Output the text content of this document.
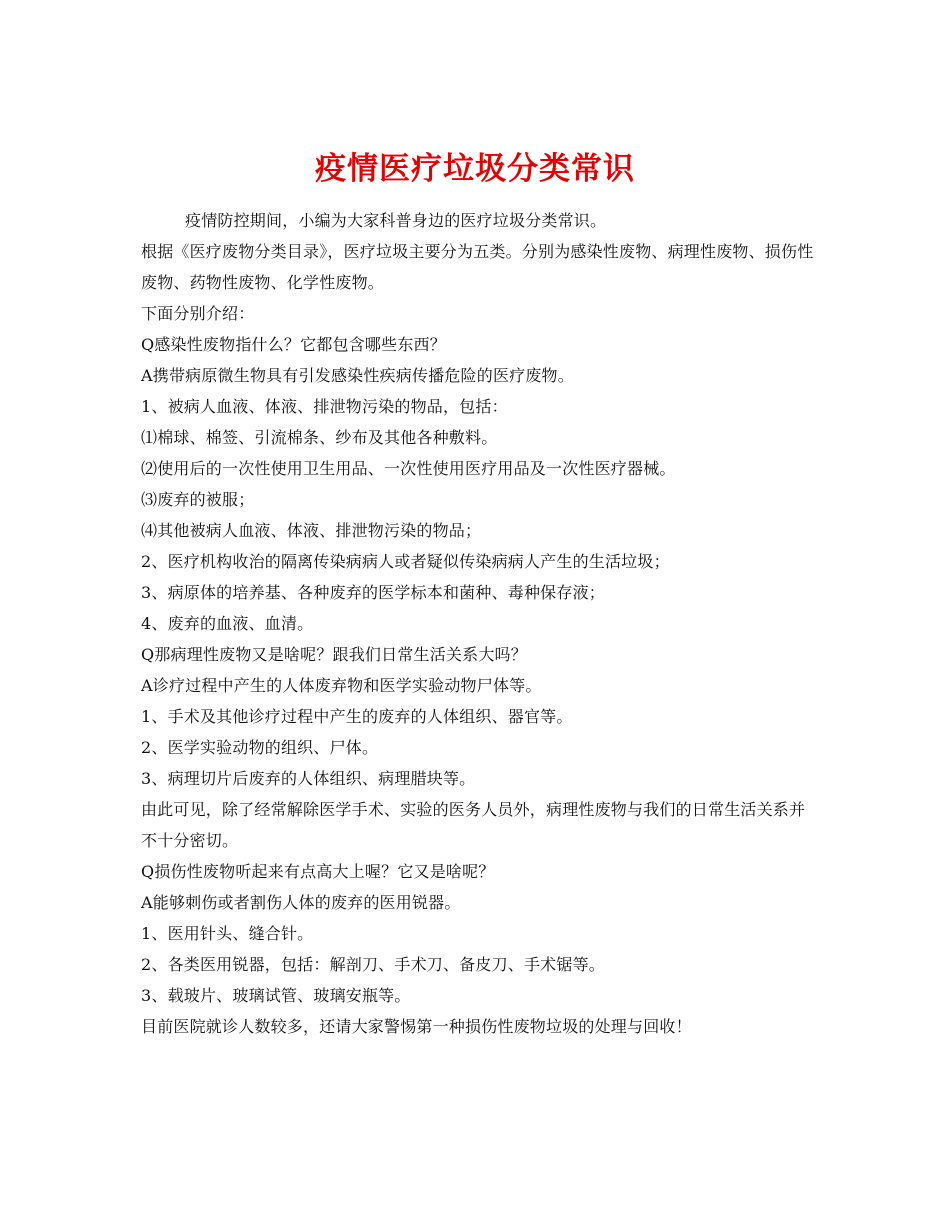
疫情医疗垃圾分类常识

疫情防控期间，小编为大家科普身边的医疗垃圾分类常识。

根据《医疗废物分类目录》，医疗垃圾主要分为五类。分别为感染性废物、病理性废物、损伤性废物、药物性废物、化学性废物。

下面分别介绍：

Q感染性废物指什么？它都包含哪些东西？

A携带病原微生物具有引发感染性疾病传播危险的医疗废物。

1、被病人血液、体液、排泄物污染的物品，包括：

⑴棉球、棉签、引流棉条、纱布及其他各种敷料。

⑵使用后的一次性使用卫生用品、一次性使用医疗用品及一次性医疗器械。

⑶废弃的被服；

⑷其他被病人血液、体液、排泄物污染的物品；

2、医疗机构收治的隔离传染病病人或者疑似传染病病人产生的生活垃圾；

3、病原体的培养基、各种废弃的医学标本和菌种、毒种保存液；

4、废弃的血液、血清。

Q那病理性废物又是啥呢？跟我们日常生活关系大吗？

A诊疗过程中产生的人体废弃物和医学实验动物尸体等。

1、手术及其他诊疗过程中产生的废弃的人体组织、器官等。

2、医学实验动物的组织、尸体。

3、病理切片后废弃的人体组织、病理腊块等。

由此可见，除了经常解除医学手术、实验的医务人员外，病理性废物与我们的日常生活关系并不十分密切。

Q损伤性废物听起来有点高大上喔？它又是啥呢？

A能够刺伤或者割伤人体的废弃的医用锐器。

1、医用针头、缝合针。

2、各类医用锐器，包括：解剖刀、手术刀、备皮刀、手术锯等。

3、载玻片、玻璃试管、玻璃安瓶等。

目前医院就诊人数较多，还请大家警惕第一种损伤性废物垃圾的处理与回收！
